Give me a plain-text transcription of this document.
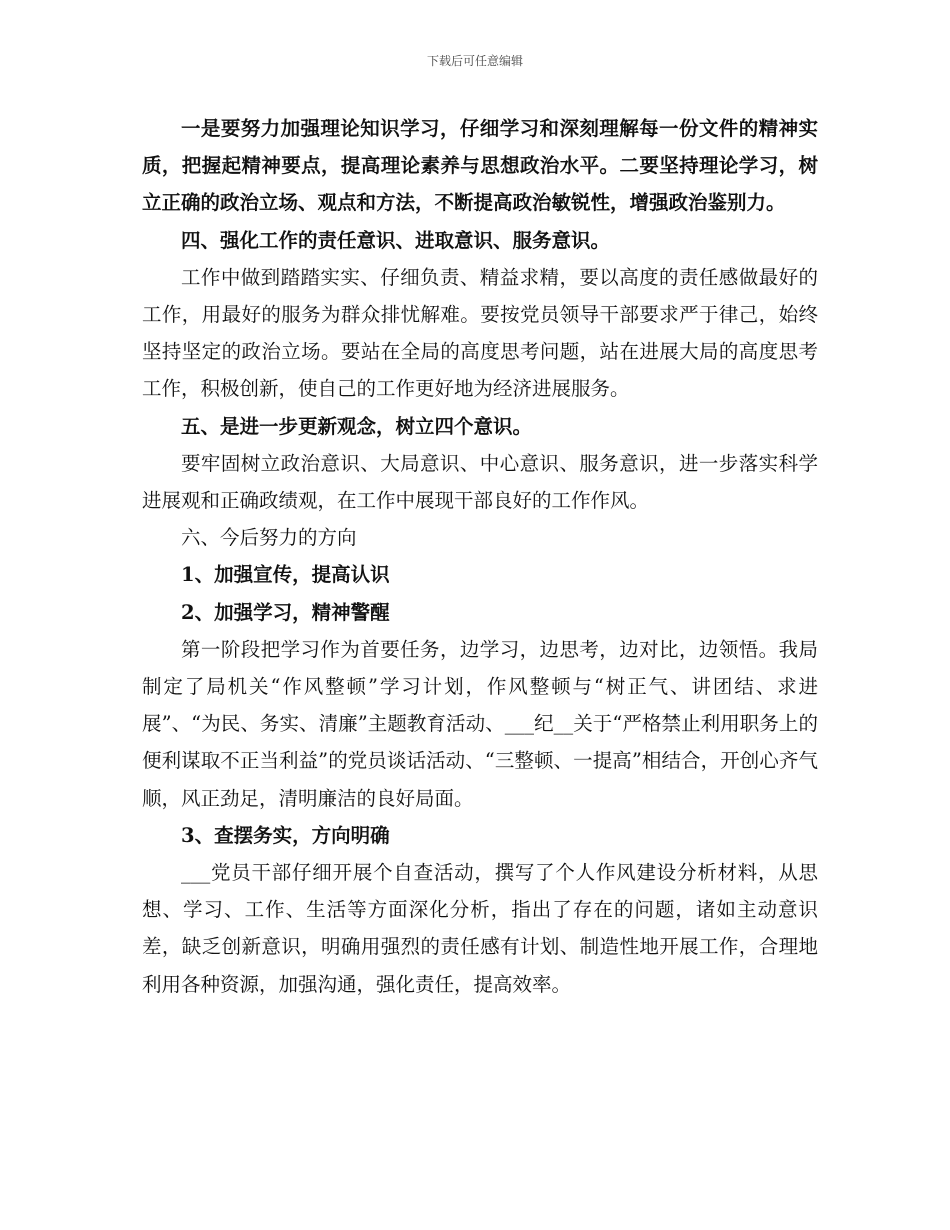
下载后可任意编辑

一是要努力加强理论知识学习，仔细学习和深刻理解每一份文件的精神实质，把握起精神要点，提高理论素养与思想政治水平。二要坚持理论学习，树立正确的政治立场、观点和方法，不断提高政治敏锐性，增强政治鉴别力。

四、强化工作的责任意识、进取意识、服务意识。

工作中做到踏踏实实、仔细负责、精益求精，要以高度的责任感做最好的工作，用最好的服务为群众排忧解难。要按党员领导干部要求严于律己，始终坚持坚定的政治立场。要站在全局的高度思考问题，站在进展大局的高度思考工作，积极创新，使自己的工作更好地为经济进展服务。

五、是进一步更新观念，树立四个意识。

要牢固树立政治意识、大局意识、中心意识、服务意识，进一步落实科学进展观和正确政绩观，在工作中展现干部良好的工作作风。

六、今后努力的方向

1、加强宣传，提高认识

2、加强学习，精神警醒

第一阶段把学习作为首要任务，边学习，边思考，边对比，边领悟。我局制定了局机关“作风整顿”学习计划，作风整顿与“树正气、讲团结、求进展”、“为民、务实、清廉”主题教育活动、___纪__关于“严格禁止利用职务上的便利谋取不正当利益”的党员谈话活动、“三整顿、一提高”相结合，开创心齐气顺，风正劲足，清明廉洁的良好局面。

3、查摆务实，方向明确

___党员干部仔细开展个自查活动，撰写了个人作风建设分析材料，从思想、学习、工作、生活等方面深化分析，指出了存在的问题，诸如主动意识差，缺乏创新意识，明确用强烈的责任感有计划、制造性地开展工作，合理地利用各种资源，加强沟通，强化责任，提高效率。
